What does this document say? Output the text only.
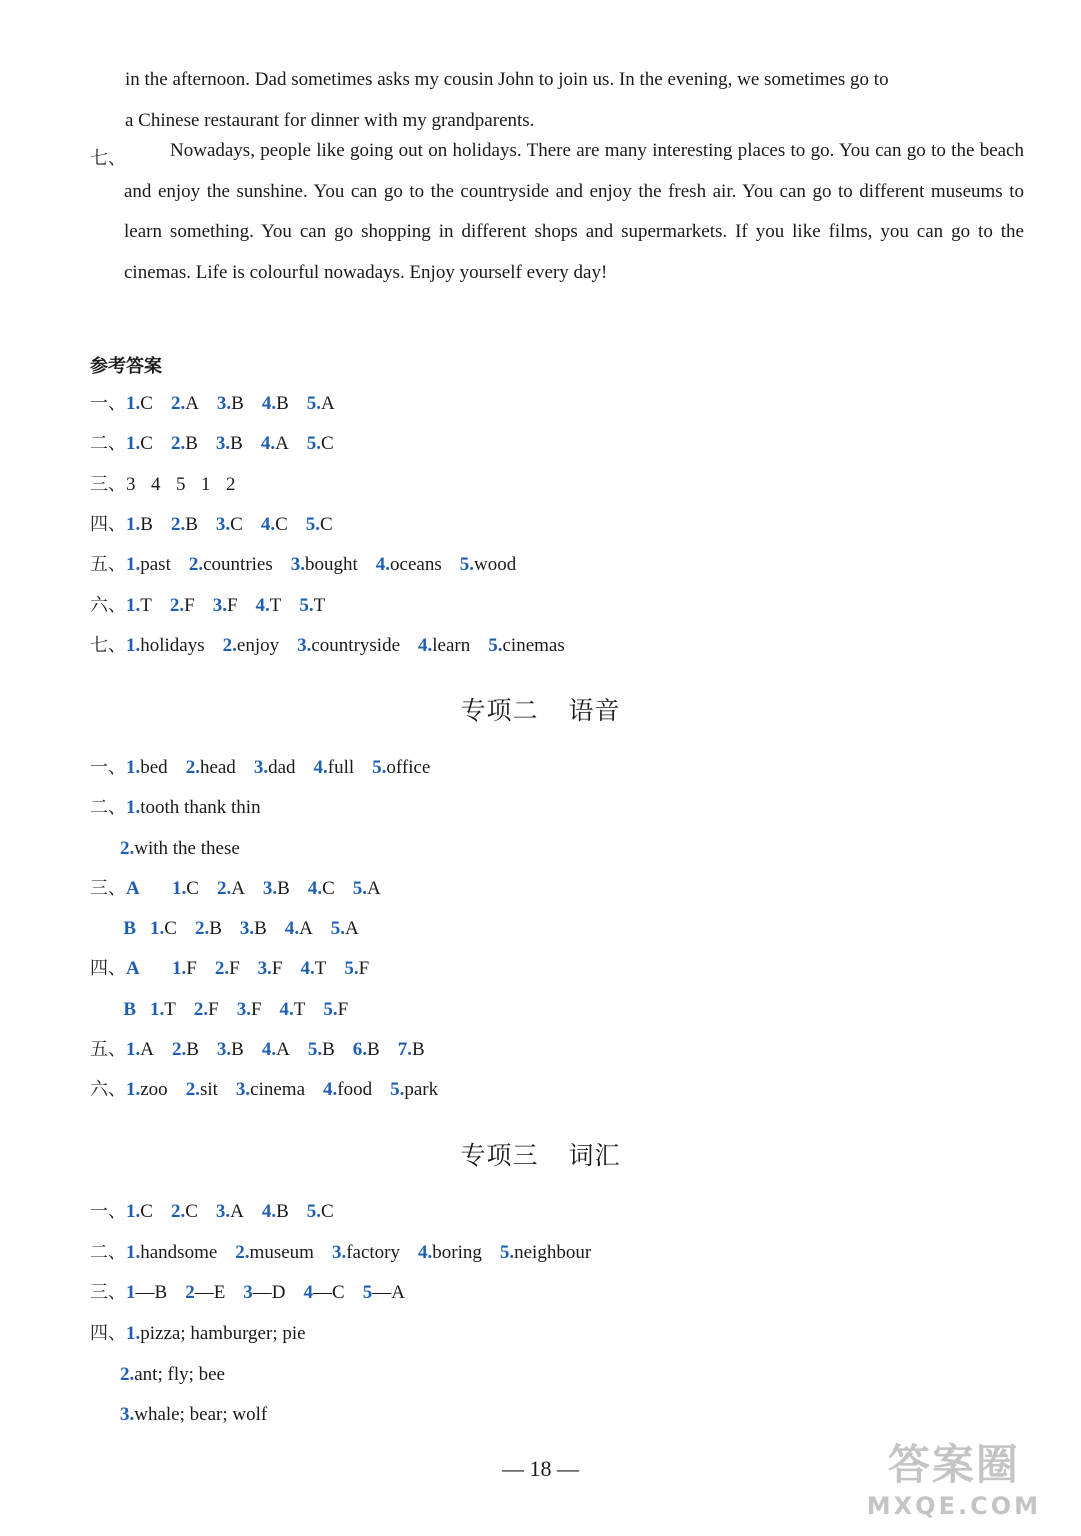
in the afternoon. Dad sometimes asks my cousin John to join us. In the evening, we sometimes go to
a Chinese restaurant for dinner with my grandparents.
七、	Nowadays, people like going out on holidays. There are many interesting places to go. You can go to the beach and enjoy the sunshine. You can go to the countryside and enjoy the fresh air. You can go to different museums to learn something. You can go shopping in different shops and supermarkets. If you like films, you can go to the cinemas. Life is colourful nowadays. Enjoy yourself every day!
参考答案
一、1.C 2.A 3.B 4.B 5.A
二、1.C 2.B 3.B 4.A 5.C
三、3  4  5  1  2
四、1.B 2.B 3.C 4.C 5.C
五、1.past 2.countries 3.bought 4.oceans 5.wood
六、1.T 2.F 3.F 4.T 5.T
七、1.holidays 2.enjoy 3.countryside 4.learn 5.cinemas
专项二 语音
一、1.bed 2.head 3.dad 4.full 5.office
二、1.tooth thank thin
2.with the these
三、A 1.C 2.A 3.B 4.C 5.A
B 1.C 2.B 3.B 4.A 5.A
四、A 1.F 2.F 3.F 4.T 5.F
B 1.T 2.F 3.F 4.T 5.F
五、1.A 2.B 3.B 4.A 5.B 6.B 7.B
六、1.zoo 2.sit 3.cinema 4.food 5.park
专项三 词汇
一、1.C 2.C 3.A 4.B 5.C
二、1.handsome 2.museum 3.factory 4.boring 5.neighbour
三、1—B 2—E 3—D 4—C 5—A
四、1.pizza; hamburger; pie
2.ant; fly; bee
3.whale; bear; wolf
— 18 —	答案圈
MXQE.COM
